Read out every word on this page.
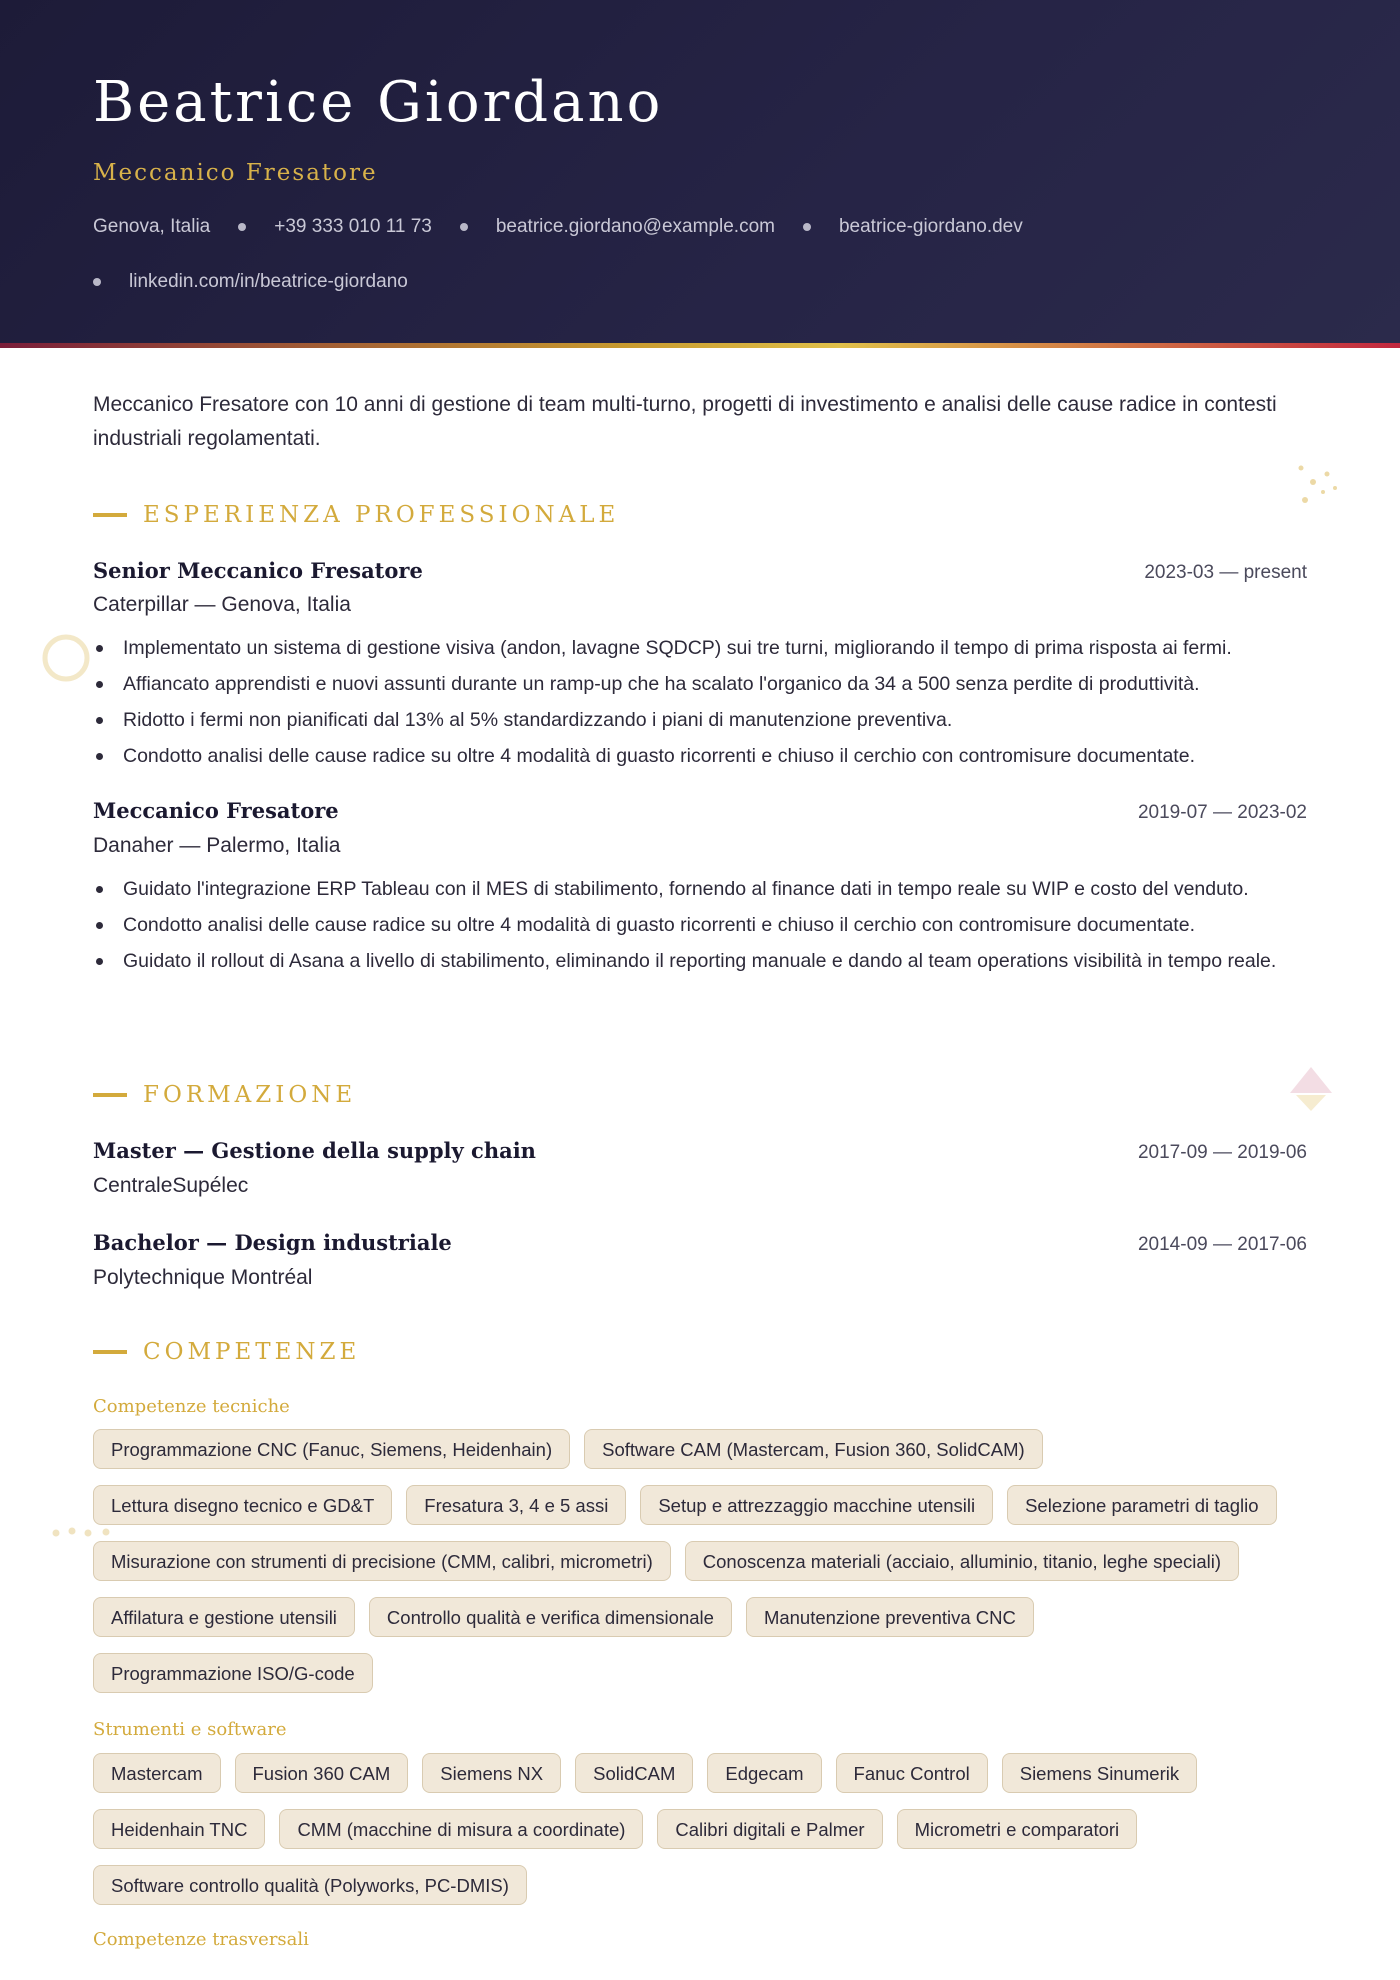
Beatrice Giordano
Meccanico Fresatore
Genova, Italia	+39 333 010 11 73	beatrice.giordano@example.com	beatrice-giordano.dev
linkedin.com/in/beatrice-giordano
Meccanico Fresatore con 10 anni di gestione di team multi-turno, progetti di investimento e analisi delle cause radice in contesti industriali regolamentati.
ESPERIENZA PROFESSIONALE
Senior Meccanico Fresatore	2023-03 — present
Caterpillar — Genova, Italia
Implementato un sistema di gestione visiva (andon, lavagne SQDCP) sui tre turni, migliorando il tempo di prima risposta ai fermi.
Affiancato apprendisti e nuovi assunti durante un ramp-up che ha scalato l'organico da 34 a 500 senza perdite di produttività.
Ridotto i fermi non pianificati dal 13% al 5% standardizzando i piani di manutenzione preventiva.
Condotto analisi delle cause radice su oltre 4 modalità di guasto ricorrenti e chiuso il cerchio con contromisure documentate.
Meccanico Fresatore	2019-07 — 2023-02
Danaher — Palermo, Italia
Guidato l'integrazione ERP Tableau con il MES di stabilimento, fornendo al finance dati in tempo reale su WIP e costo del venduto.
Condotto analisi delle cause radice su oltre 4 modalità di guasto ricorrenti e chiuso il cerchio con contromisure documentate.
Guidato il rollout di Asana a livello di stabilimento, eliminando il reporting manuale e dando al team operations visibilità in tempo reale.
FORMAZIONE
Master — Gestione della supply chain	2017-09 — 2019-06
CentraleSupélec
Bachelor — Design industriale	2014-09 — 2017-06
Polytechnique Montréal
COMPETENZE
Competenze tecniche
Programmazione CNC (Fanuc, Siemens, Heidenhain)	Software CAM (Mastercam, Fusion 360, SolidCAM)
Lettura disegno tecnico e GD&T	Fresatura 3, 4 e 5 assi	Setup e attrezzaggio macchine utensili	Selezione parametri di taglio
Misurazione con strumenti di precisione (CMM, calibri, micrometri)	Conoscenza materiali (acciaio, alluminio, titanio, leghe speciali)
Affilatura e gestione utensili	Controllo qualità e verifica dimensionale	Manutenzione preventiva CNC
Programmazione ISO/G-code
Strumenti e software
Mastercam	Fusion 360 CAM	Siemens NX	SolidCAM	Edgecam	Fanuc Control	Siemens Sinumerik
Heidenhain TNC	CMM (macchine di misura a coordinate)	Calibri digitali e Palmer	Micrometri e comparatori
Software controllo qualità (Polyworks, PC-DMIS)
Competenze trasversali
